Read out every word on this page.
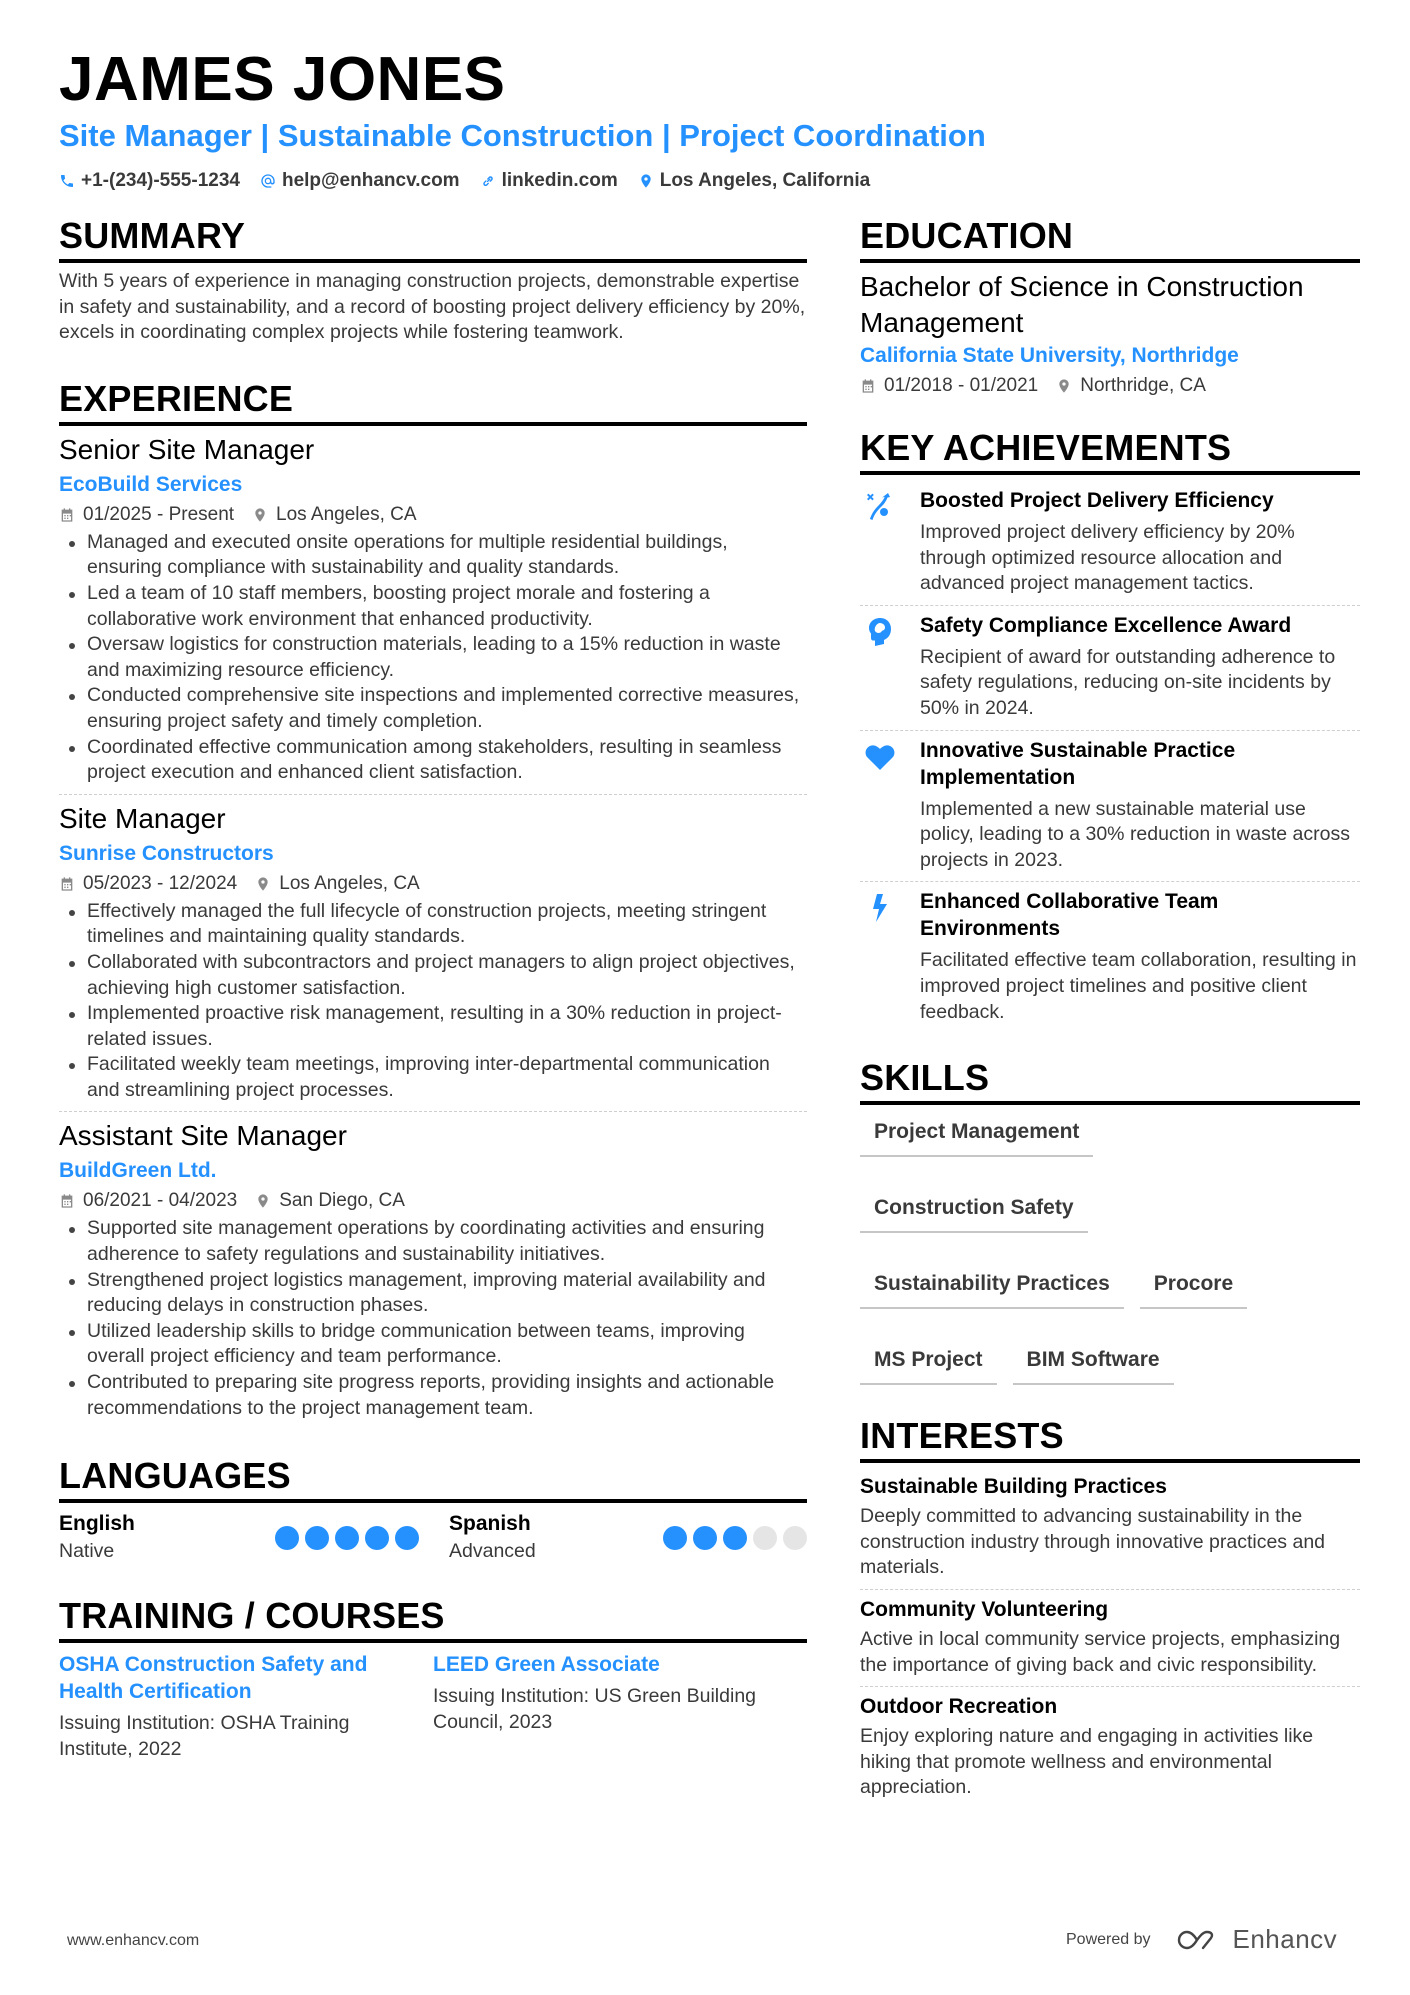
JAMES JONES
Site Manager | Sustainable Construction | Project Coordination
+1-(234)-555-1234 help@enhancv.com linkedin.com Los Angeles, California
SUMMARY
With 5 years of experience in managing construction projects, demonstrable expertise in safety and sustainability, and a record of boosting project delivery efficiency by 20%, excels in coordinating complex projects while fostering teamwork.
EXPERIENCE
Senior Site Manager
EcoBuild Services
01/2025 - Present Los Angeles, CA
Managed and executed onsite operations for multiple residential buildings, ensuring compliance with sustainability and quality standards.
Led a team of 10 staff members, boosting project morale and fostering a collaborative work environment that enhanced productivity.
Oversaw logistics for construction materials, leading to a 15% reduction in waste and maximizing resource efficiency.
Conducted comprehensive site inspections and implemented corrective measures, ensuring project safety and timely completion.
Coordinated effective communication among stakeholders, resulting in seamless project execution and enhanced client satisfaction.
Site Manager
Sunrise Constructors
05/2023 - 12/2024 Los Angeles, CA
Effectively managed the full lifecycle of construction projects, meeting stringent timelines and maintaining quality standards.
Collaborated with subcontractors and project managers to align project objectives, achieving high customer satisfaction.
Implemented proactive risk management, resulting in a 30% reduction in project-related issues.
Facilitated weekly team meetings, improving inter-departmental communication and streamlining project processes.
Assistant Site Manager
BuildGreen Ltd.
06/2021 - 04/2023 San Diego, CA
Supported site management operations by coordinating activities and ensuring adherence to safety regulations and sustainability initiatives.
Strengthened project logistics management, improving material availability and reducing delays in construction phases.
Utilized leadership skills to bridge communication between teams, improving overall project efficiency and team performance.
Contributed to preparing site progress reports, providing insights and actionable recommendations to the project management team.
LANGUAGES
English
Native
Spanish
Advanced
TRAINING / COURSES
OSHA Construction Safety and Health Certification
Issuing Institution: OSHA Training Institute, 2022
LEED Green Associate
Issuing Institution: US Green Building Council, 2023
EDUCATION
Bachelor of Science in Construction Management
California State University, Northridge
01/2018 - 01/2021 Northridge, CA
KEY ACHIEVEMENTS
Boosted Project Delivery Efficiency
Improved project delivery efficiency by 20% through optimized resource allocation and advanced project management tactics.
Safety Compliance Excellence Award
Recipient of award for outstanding adherence to safety regulations, reducing on-site incidents by 50% in 2024.
Innovative Sustainable Practice Implementation
Implemented a new sustainable material use policy, leading to a 30% reduction in waste across projects in 2023.
Enhanced Collaborative Team Environments
Facilitated effective team collaboration, resulting in improved project timelines and positive client feedback.
SKILLS
Project Management
Construction Safety
Sustainability Practices	Procore
MS Project	BIM Software
INTERESTS
Sustainable Building Practices
Deeply committed to advancing sustainability in the construction industry through innovative practices and materials.
Community Volunteering
Active in local community service projects, emphasizing the importance of giving back and civic responsibility.
Outdoor Recreation
Enjoy exploring nature and engaging in activities like hiking that promote wellness and environmental appreciation.
www.enhancv.com	Powered by	Enhancv
